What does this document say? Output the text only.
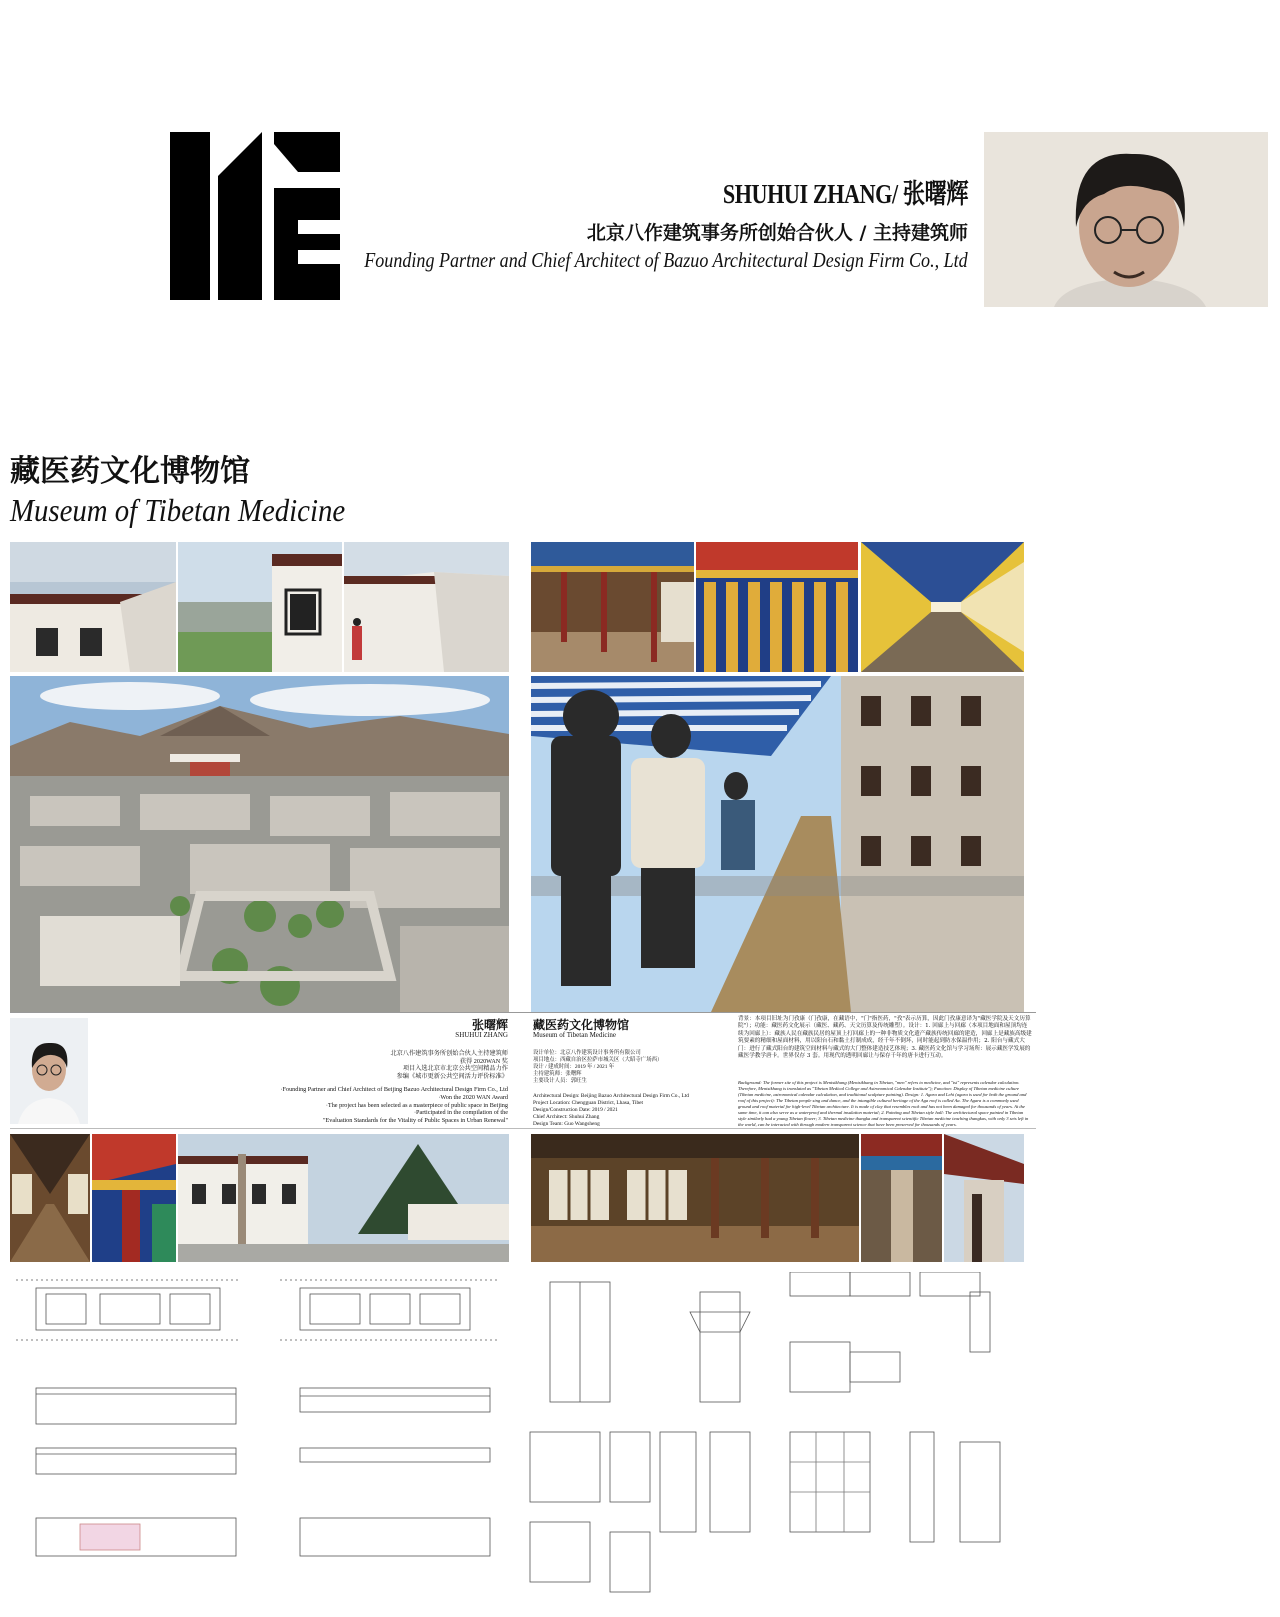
SHUHUI ZHANG/ 张曙辉
北京八作建筑事务所创始合伙人 / 主持建筑师
Founding Partner and Chief Architect of Bazuo Architectural Design Firm Co., Ltd
藏医药文化博物馆
Museum of Tibetan Medicine
张曙辉
SHUHUI ZHANG
北京八作建筑事务所创始合伙人主持建筑师
获得 2020WAN 奖
项目入选北京市北京公共空间精品力作
参编《城市更新公共空间活力评价标准》
·Founding Partner and Chief Architect of Beijing Bazuo Architectural Design Firm Co., Ltd
·Won the 2020 WAN Award
·The project has been selected as a masterpiece of public space in Beijing
·Participated in the compilation of the
"Evaluation Standards for the Vitality of Public Spaces in Urban Renewal"
藏医药文化博物馆
Museum of Tibetan Medicine
设计单位：北京八作建筑设计事务所有限公司
项目地点：西藏自治区拉萨市城关区（大昭寺广场西）
设计 / 建成时间：2019 年 / 2021 年
主持建筑师：张曙辉
主要设计人员：郭旺生
Architectural Design: Beijing Bazuo Architectural Design Firm Co., Ltd
Project Location: Chengguan District, Lhasa, Tibet
Design/Construction Date: 2019 / 2021
Chief Architect: Shuhui Zhang
Design Team: Guo Wangsheng
背景：本项目旧址为门孜康（门孜康，在藏语中，"门"指医药，"孜"表示历算，因此门孜康意译为"藏医学院及天文历算院"）；功能：藏医药文化展示（藏医、藏药、天文历算及传统雕塑）。设计：1. 回廊上与回廊（本项目地面和屋顶均连续为回廊上）：藏族人民在藏族民居的屋顶上打回廊上的一种非物质文化遗产藏族传统回廊的建造，回廊上是藏族高级建筑要素的精细和屋面材料，用以阳台石和黏土打制成成，经千年不倒坏，同时能起到防水保温作用；2. 阳台与藏式大门：进行了藏式阳台的建筑空间材料与藏式的大门整体建造技艺体现；3. 藏医药文化馆与学习场所：展示藏医学发展的藏医学教学唐卡。世界仅存 3 套。用现代的透明回廊让与保存千年的唐卡进行互动。
Background: The former site of this project is Mentsikhang (Mentsikhang in Tibetan, "men" refers to medicine, and "tsi" represents calendar calculation. Therefore, Mentsikhang is translated as "Tibetan Medical College and Astronomical Calendar Institute"); Function: Display of Tibetan medicine culture (Tibetan medicine, astronomical calendar calculation, and traditional sculpture painting). Design: 1. Agara and Lehi (agara is used for both the ground and roof of this project): The Tibetan people sing and dance, and the intangible cultural heritage of the Aga roof is called Aa. The Agara is a commonly used ground and roof material for high-level Tibetan architecture. It is made of clay that resembles rock and has not been damaged for thousands of years. At the same time, it can also serve as a waterproof and thermal insulation material; 2. Painting and Tibetan style hall: The architectural space painted in Tibetan style similarly had a young Tibetan flower; 3. Tibetan medicine thangka and transparent scientific Tibetan medicine teaching thangkas, with only 3 sets left in the world, can be interacted with through modern transparent science that have been preserved for thousands of years.
